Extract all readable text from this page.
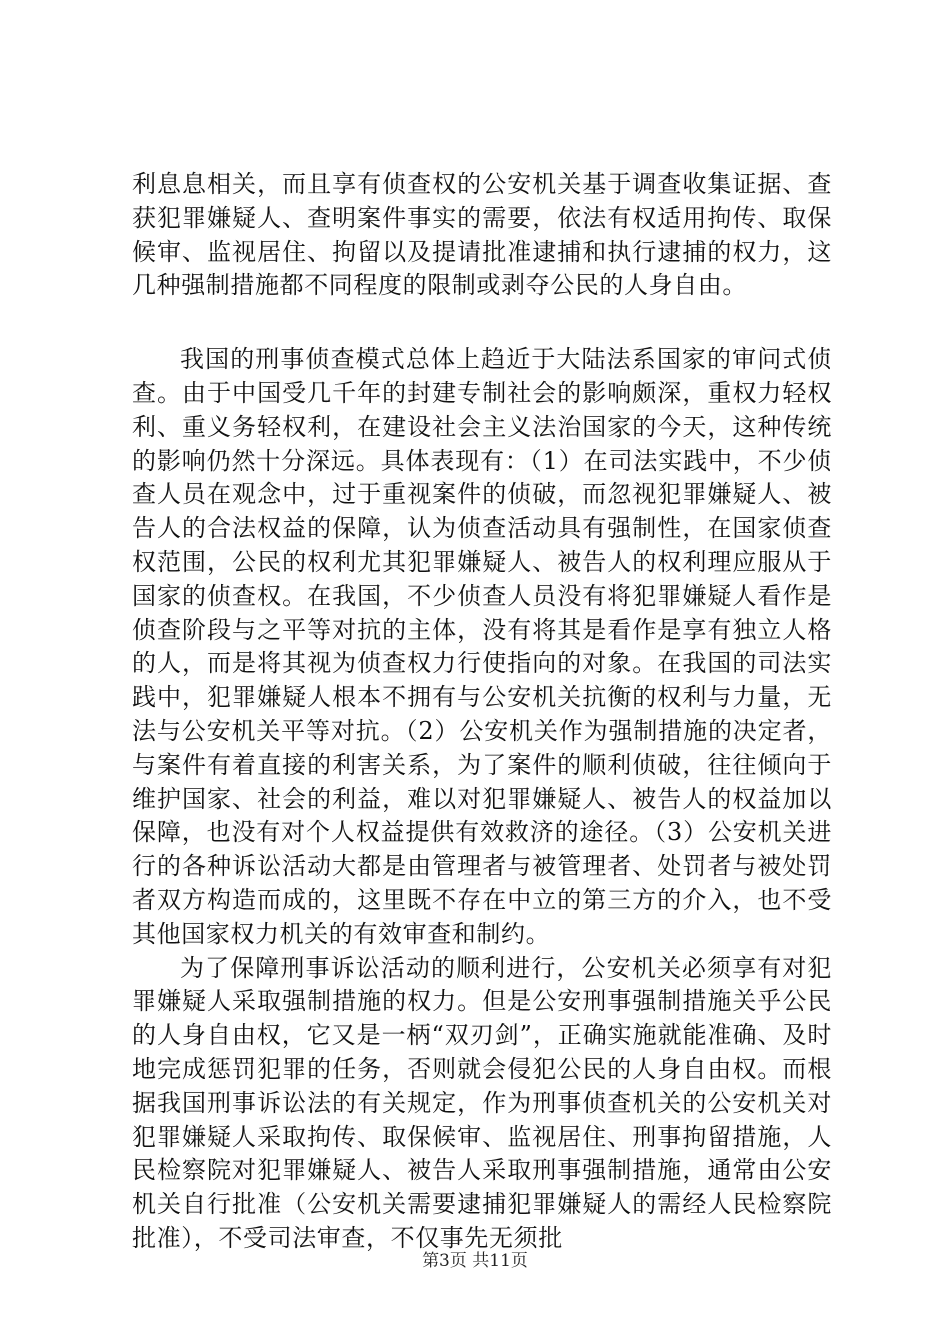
利息息相关，而且享有侦查权的公安机关基于调查收集证据、查获犯罪嫌疑人、查明案件事实的需要，依法有权适用拘传、取保候审、监视居住、拘留以及提请批准逮捕和执行逮捕的权力，这几种强制措施都不同程度的限制或剥夺公民的人身自由。

我国的刑事侦查模式总体上趋近于大陆法系国家的审问式侦查。由于中国受几千年的封建专制社会的影响颇深，重权力轻权利、重义务轻权利，在建设社会主义法治国家的今天，这种传统的影响仍然十分深远。具体表现有：（1）在司法实践中，不少侦查人员在观念中，过于重视案件的侦破，而忽视犯罪嫌疑人、被告人的合法权益的保障，认为侦查活动具有强制性，在国家侦查权范围，公民的权利尤其犯罪嫌疑人、被告人的权利理应服从于国家的侦查权。在我国，不少侦查人员没有将犯罪嫌疑人看作是侦查阶段与之平等对抗的主体，没有将其是看作是享有独立人格的人，而是将其视为侦查权力行使指向的对象。在我国的司法实践中，犯罪嫌疑人根本不拥有与公安机关抗衡的权利与力量，无法与公安机关平等对抗。（2）公安机关作为强制措施的决定者，与案件有着直接的利害关系，为了案件的顺利侦破，往往倾向于维护国家、社会的利益，难以对犯罪嫌疑人、被告人的权益加以保障，也没有对个人权益提供有效救济的途径。（3）公安机关进行的各种诉讼活动大都是由管理者与被管理者、处罚者与被处罚者双方构造而成的，这里既不存在中立的第三方的介入，也不受其他国家权力机关的有效审查和制约。

为了保障刑事诉讼活动的顺利进行，公安机关必须享有对犯罪嫌疑人采取强制措施的权力。但是公安刑事强制措施关乎公民的人身自由权，它又是一柄“双刃剑”，正确实施就能准确、及时地完成惩罚犯罪的任务，否则就会侵犯公民的人身自由权。而根据我国刑事诉讼法的有关规定，作为刑事侦查机关的公安机关对犯罪嫌疑人采取拘传、取保候审、监视居住、刑事拘留措施，人民检察院对犯罪嫌疑人、被告人采取刑事强制措施，通常由公安机关自行批准（公安机关需要逮捕犯罪嫌疑人的需经人民检察院批准），不受司法审查，不仅事先无须批

第3页 共11页
